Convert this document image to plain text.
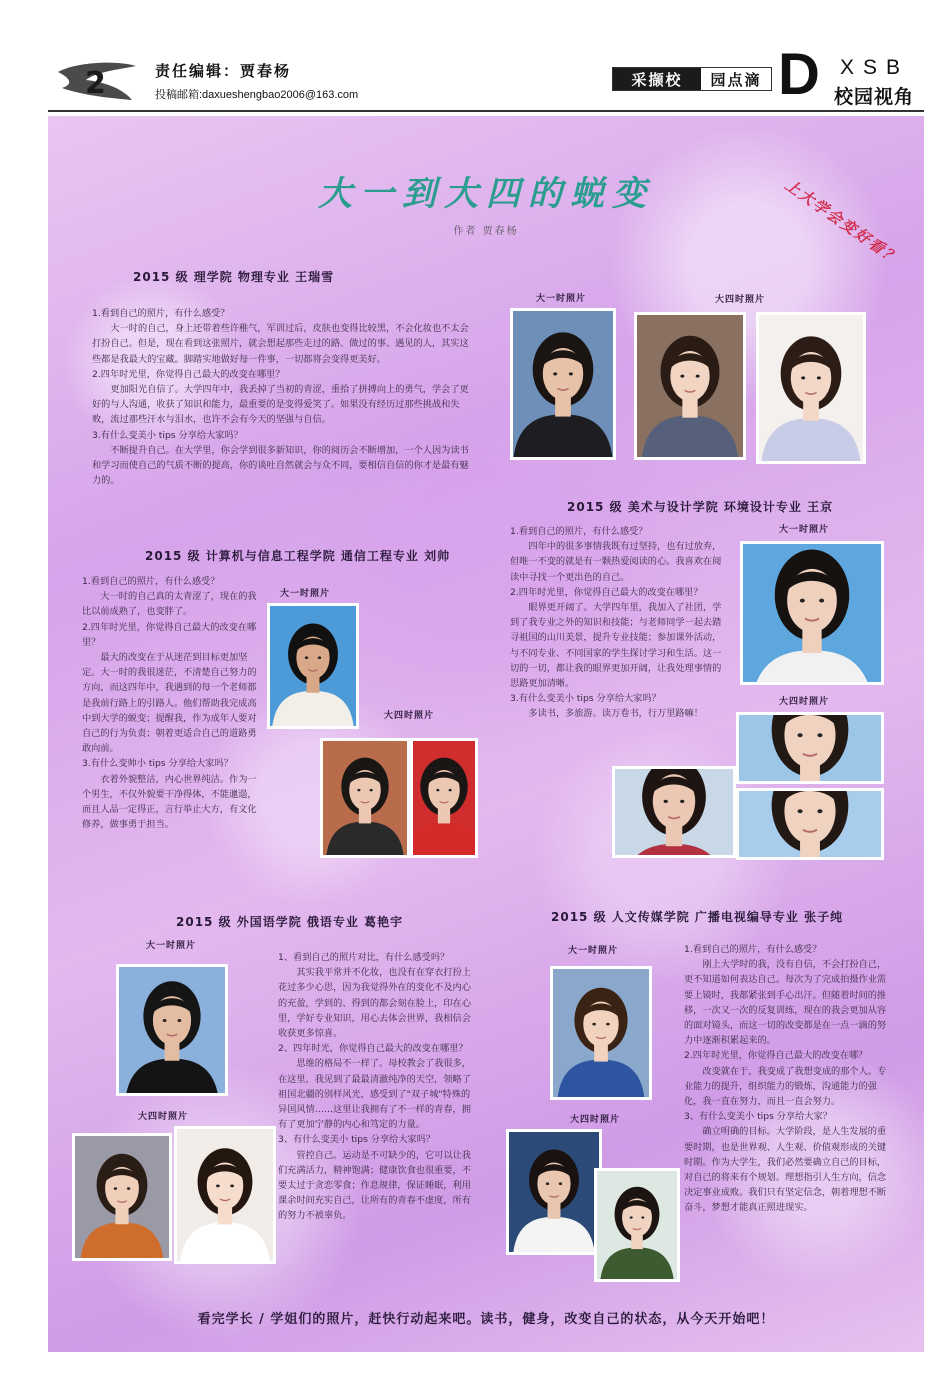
2	责任编辑：贾春杨
投稿邮箱:daxueshengbao2006@163.com
采撷校	园点滴 D XSB
校园视角
大一到大四的蜕变
作者 贾春杨	上大学会变好看？
2015 级 理学院 物理专业 王瑞雪

1.看到自己的照片，有什么感受？

大一时的自己，身上还带着些许稚气，军训过后，皮肤也变得比较黑，不会化妆也不太会打扮自己。但是，现在看到这张照片，就会想起那些走过的路、做过的事、遇见的人，其实这些都是我最大的宝藏。脚踏实地做好每一件事，一切都将会变得更美好。

2.四年时光里，你觉得自己最大的改变在哪里？

更加阳光自信了。大学四年中，我丢掉了当初的青涩，重拾了拼搏向上的勇气，学会了更好的与人沟通，收获了知识和能力，最重要的是变得爱笑了。如果没有经历过那些挑战和失败，流过那些汗水与泪水，也许不会有今天的坚强与自信。

3.有什么变美小 tips 分享给大家吗？

不断提升自己。在大学里，你会学到很多新知识，你的阅历会不断增加，一个人因为读书和学习而使自己的气质不断的提高，你的谈吐自然就会与众不同，要相信自信的你才是最有魅力的。

大一时照片	大四时照片
2015 级 计算机与信息工程学院 通信工程专业 刘帅

1.看到自己的照片，有什么感受？

大一时的自己真的太青涩了，现在的我比以前成熟了，也变胖了。

2.四年时光里，你觉得自己最大的改变在哪里？

最大的改变在于从迷茫到目标更加坚定。大一时的我很迷茫，不清楚自己努力的方向，而这四年中，我遇到的每一个老师都是我前行路上的引路人。他们帮助我完成高中到大学的蜕变；提醒我，作为成年人要对自己的行为负责；朝着更适合自己的道路勇敢向前。

3.有什么变帅小 tips 分享给大家吗？

衣着外貌整洁，内心世界纯洁。作为一个男生，不仅外貌要干净得体，不能邋遢，而且人品一定得正，言行举止大方，有文化修养，做事勇于担当。

大一时照片
大四时照片
2015 级 美术与设计学院 环境设计专业 王京

1.看到自己的照片，有什么感受？

四年中的很多事情我既有过坚持，也有过放弃，但唯一不变的就是有一颗热爱阅读的心。我喜欢在阅读中寻找一个更出色的自己。

2.四年时光里，你觉得自己最大的改变在哪里？

眼界更开阔了。大学四年里，我加入了社团，学到了我专业之外的知识和技能；与老师同学一起去踏寻祖国的山川美景，提升专业技能；参加课外活动，与不同专业、不同国家的学生探讨学习和生活。这一切的一切，都让我的眼界更加开阔，让我处理事情的思路更加清晰。

3.有什么变美小 tips 分享给大家吗？

多读书，多旅游。读万卷书，行万里路嘛！

大一时照片
大四时照片
2015 级 外国语学院 俄语专业 葛艳宇

1、看到自己的照片对比，有什么感受吗？

其实我平常并不化妆，也没有在穿衣打扮上花过多少心思，因为我觉得外在的变化不及内心的充盈，学到的、得到的都会刻在脸上，印在心里，学好专业知识，用心去体会世界，我相信会收获更多惊喜。

2、四年时光，你觉得自己最大的改变在哪里？

思维的格局不一样了。母校教会了我很多，在这里，我见到了最最清澈纯净的天空，领略了祖国北疆的别样风光，感受到了"双子城"特殊的异国风情……这里让我拥有了不一样的青春，拥有了更加宁静的内心和笃定的力量。

3、有什么变美小 tips 分享给大家吗？

管控自己。运动是不可缺少的，它可以让我们充满活力，精神饱满；健康饮食也很重要，不要太过于贪恋零食；作息规律，保证睡眠，利用课余时间充实自己，让所有的青春不虚度，所有的努力不被辜负。

大一时照片
大四时照片
2015 级 人文传媒学院 广播电视编导专业 张子纯

1.看到自己的照片，有什么感受？

刚上大学时的我，没有自信，不会打扮自己，更不知道如何表达自己。每次为了完成拍摄作业需要上镜时，我都紧张到手心出汗。但随着时间的推移，一次又一次的反复训练，现在的我会更加从容的面对镜头，而这一切的改变都是在一点一滴的努力中逐渐积累起来的。

2.四年时光里，你觉得自己最大的改变在哪？

改变就在于，我变成了我想变成的那个人。专业能力的提升，组织能力的锻炼，沟通能力的强化，我一直在努力，而且一直会努力。

3、有什么变美小 tips 分享给大家？

确立明确的目标。大学阶段，是人生发展的重要时期，也是世界观、人生观、价值观形成的关键时期。作为大学生，我们必然要确立自己的目标，对自己的将来有个规划。理想指引人生方向，信念决定事业成败。我们只有坚定信念，朝着理想不断奋斗，梦想才能真正照进现实。

大一时照片
大四时照片
看完学长 / 学姐们的照片，赶快行动起来吧。读书，健身，改变自己的状态，从今天开始吧！
